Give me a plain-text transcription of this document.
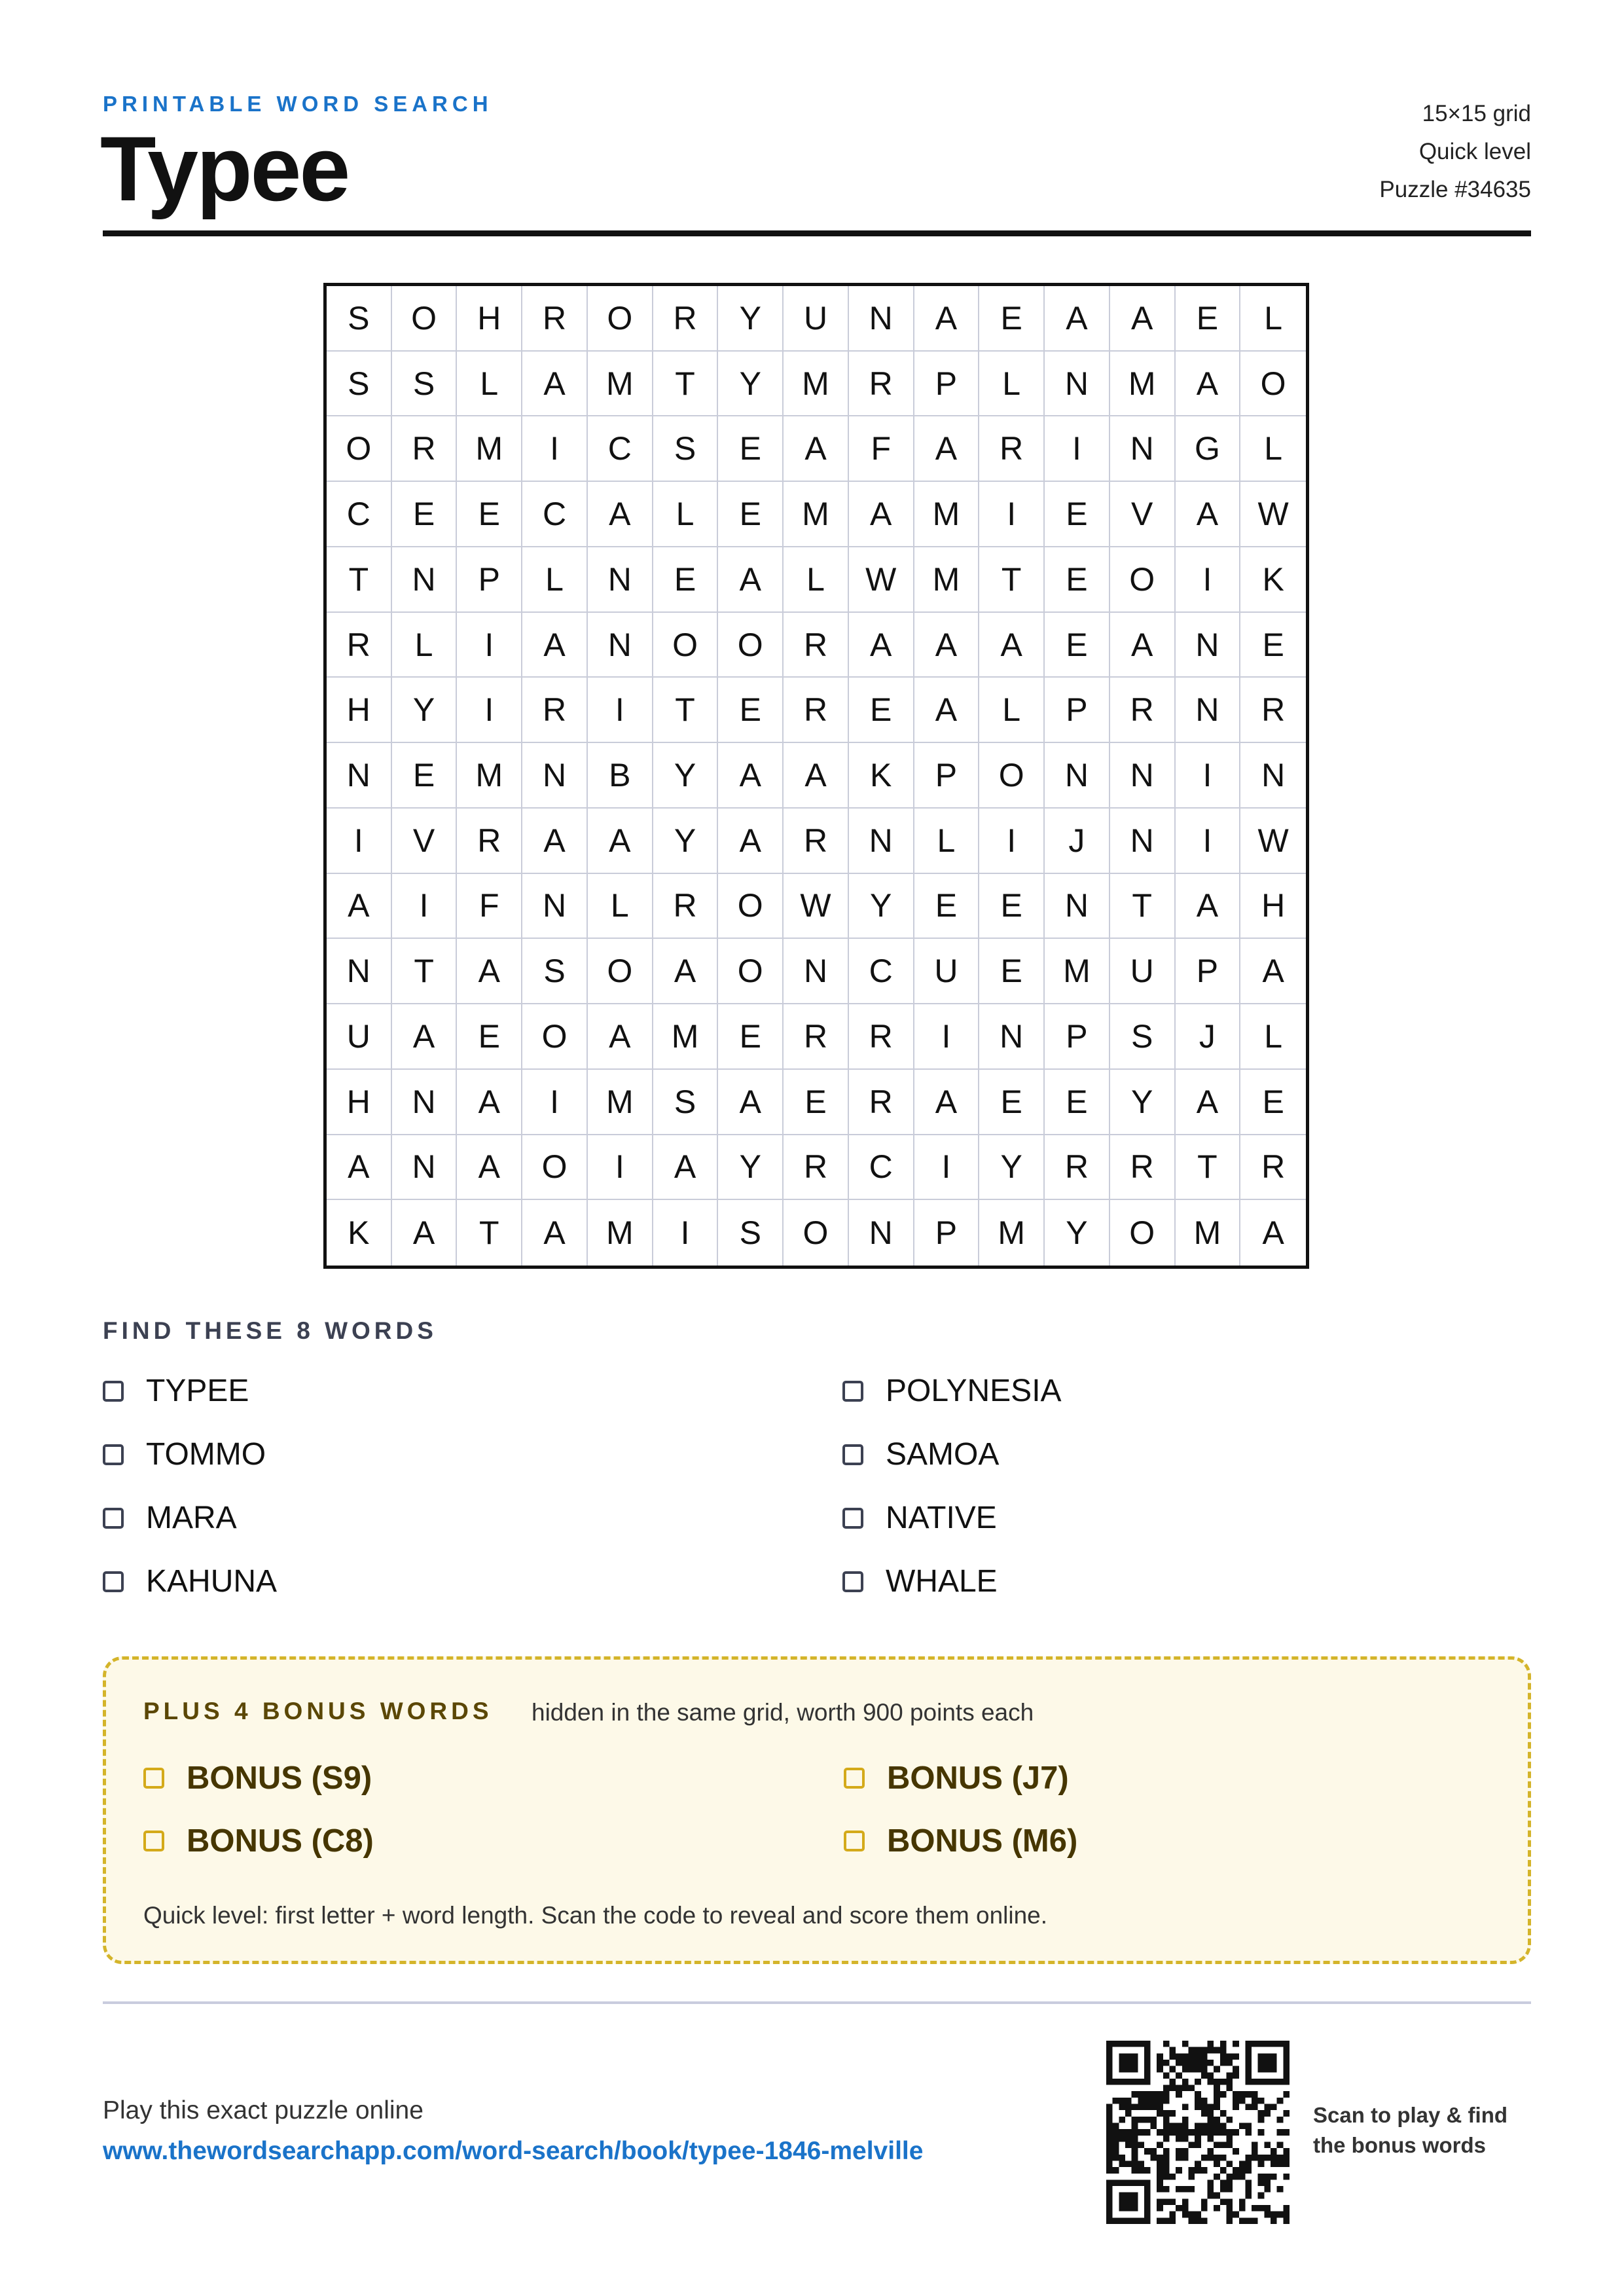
PRINTABLE WORD SEARCH
Typee
15×15 grid
Quick level
Puzzle #34635
S	O	H	R	O	R	Y	U	N	A	E	A	A	E	L
S	S	L	A	M	T	Y	M	R	P	L	N	M	A	O
O	R	M	I	C	S	E	A	F	A	R	I	N	G	L
C	E	E	C	A	L	E	M	A	M	I	E	V	A	W
T	N	P	L	N	E	A	L	W	M	T	E	O	I	K
R	L	I	A	N	O	O	R	A	A	A	E	A	N	E
H	Y	I	R	I	T	E	R	E	A	L	P	R	N	R
N	E	M	N	B	Y	A	A	K	P	O	N	N	I	N
I	V	R	A	A	Y	A	R	N	L	I	J	N	I	W
A	I	F	N	L	R	O	W	Y	E	E	N	T	A	H
N	T	A	S	O	A	O	N	C	U	E	M	U	P	A
U	A	E	O	A	M	E	R	R	I	N	P	S	J	L
H	N	A	I	M	S	A	E	R	A	E	E	Y	A	E
A	N	A	O	I	A	Y	R	C	I	Y	R	R	T	R
K	A	T	A	M	I	S	O	N	P	M	Y	O	M	A
FIND THESE 8 WORDS
TYPEE	POLYNESIA
TOMMO	SAMOA
MARA	NATIVE
KAHUNA	WHALE
PLUS 4 BONUS WORDS hidden in the same grid, worth 900 points each
BONUS (S9)	BONUS (J7)
BONUS (C8)	BONUS (M6)
Quick level: first letter + word length. Scan the code to reveal and score them online.
Play this exact puzzle online
www.thewordsearchapp.com/word-search/book/typee-1846-melville
Scan to play & find
the bonus words
